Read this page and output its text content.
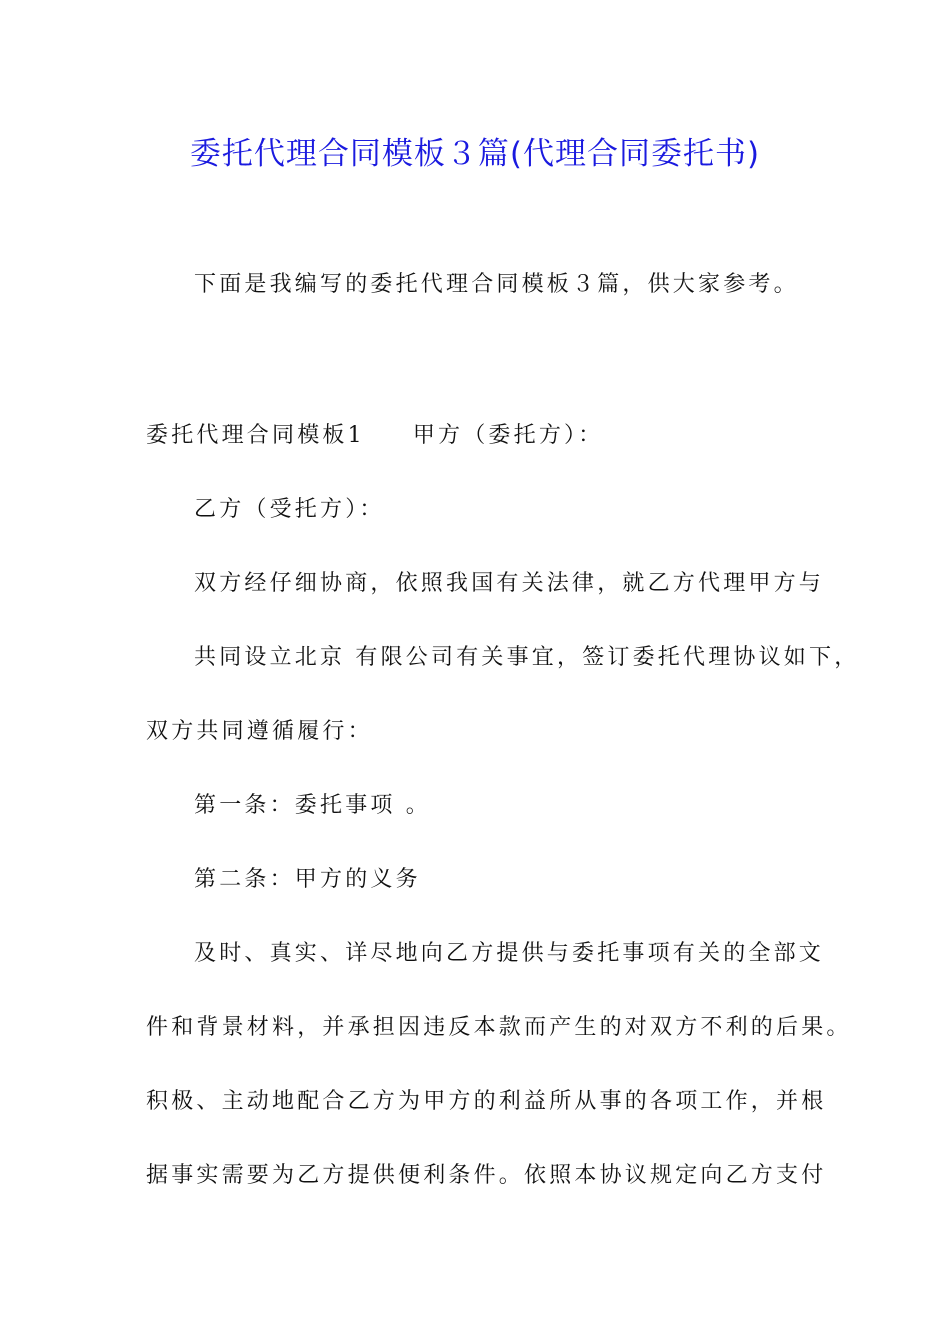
委托代理合同模板３篇(代理合同委托书)
下面是我编写的委托代理合同模板３篇，供大家参考。
委托代理合同模板1 甲方（委托方）：
乙方（受托方）：
双方经仔细协商，依照我国有关法律，就乙方代理甲方与
共同设立北京 有限公司有关事宜，签订委托代理协议如下，
双方共同遵循履行：
第一条：委托事项 。
第二条：甲方的义务
及时、真实、详尽地向乙方提供与委托事项有关的全部文
件和背景材料，并承担因违反本款而产生的对双方不利的后果。
积极、主动地配合乙方为甲方的利益所从事的各项工作，并根
据事实需要为乙方提供便利条件。依照本协议规定向乙方支付
